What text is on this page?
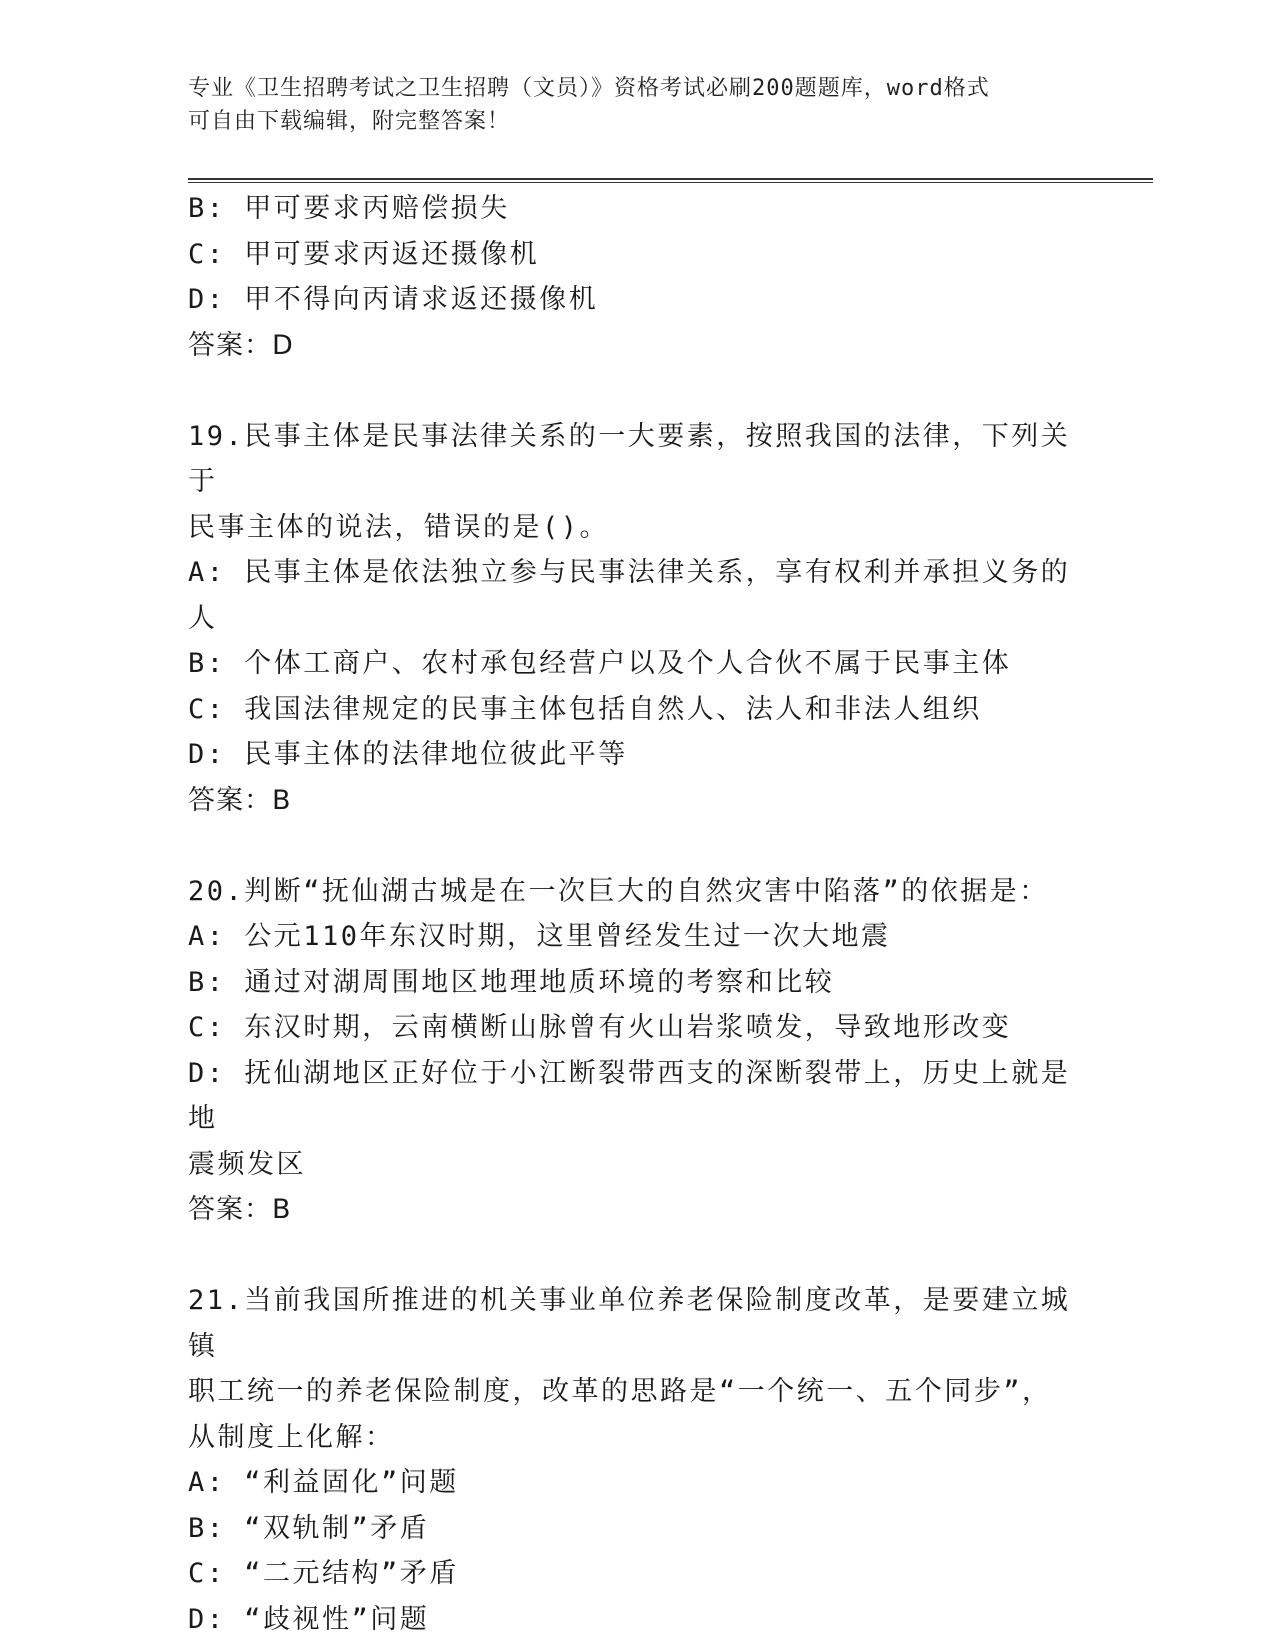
专业《卫生招聘考试之卫生招聘（文员）》资格考试必刷200题题库，word格式
可自由下载编辑，附完整答案！
B: 甲可要求丙赔偿损失
C: 甲可要求丙返还摄像机
D: 甲不得向丙请求返还摄像机
答案：D
19.民事主体是民事法律关系的一大要素，按照我国的法律，下列关于
民事主体的说法，错误的是()。
A: 民事主体是依法独立参与民事法律关系，享有权利并承担义务的人
B: 个体工商户、农村承包经营户以及个人合伙不属于民事主体
C: 我国法律规定的民事主体包括自然人、法人和非法人组织
D: 民事主体的法律地位彼此平等
答案：B
20.判断“抚仙湖古城是在一次巨大的自然灾害中陷落”的依据是：
A: 公元110年东汉时期，这里曾经发生过一次大地震
B: 通过对湖周围地区地理地质环境的考察和比较
C: 东汉时期，云南横断山脉曾有火山岩浆喷发，导致地形改变
D: 抚仙湖地区正好位于小江断裂带西支的深断裂带上，历史上就是地
震频发区
答案：B
21.当前我国所推进的机关事业单位养老保险制度改革，是要建立城镇
职工统一的养老保险制度，改革的思路是“一个统一、五个同步”，
从制度上化解：
A: “利益固化”问题
B: “双轨制”矛盾
C: “二元结构”矛盾
D: “歧视性”问题
